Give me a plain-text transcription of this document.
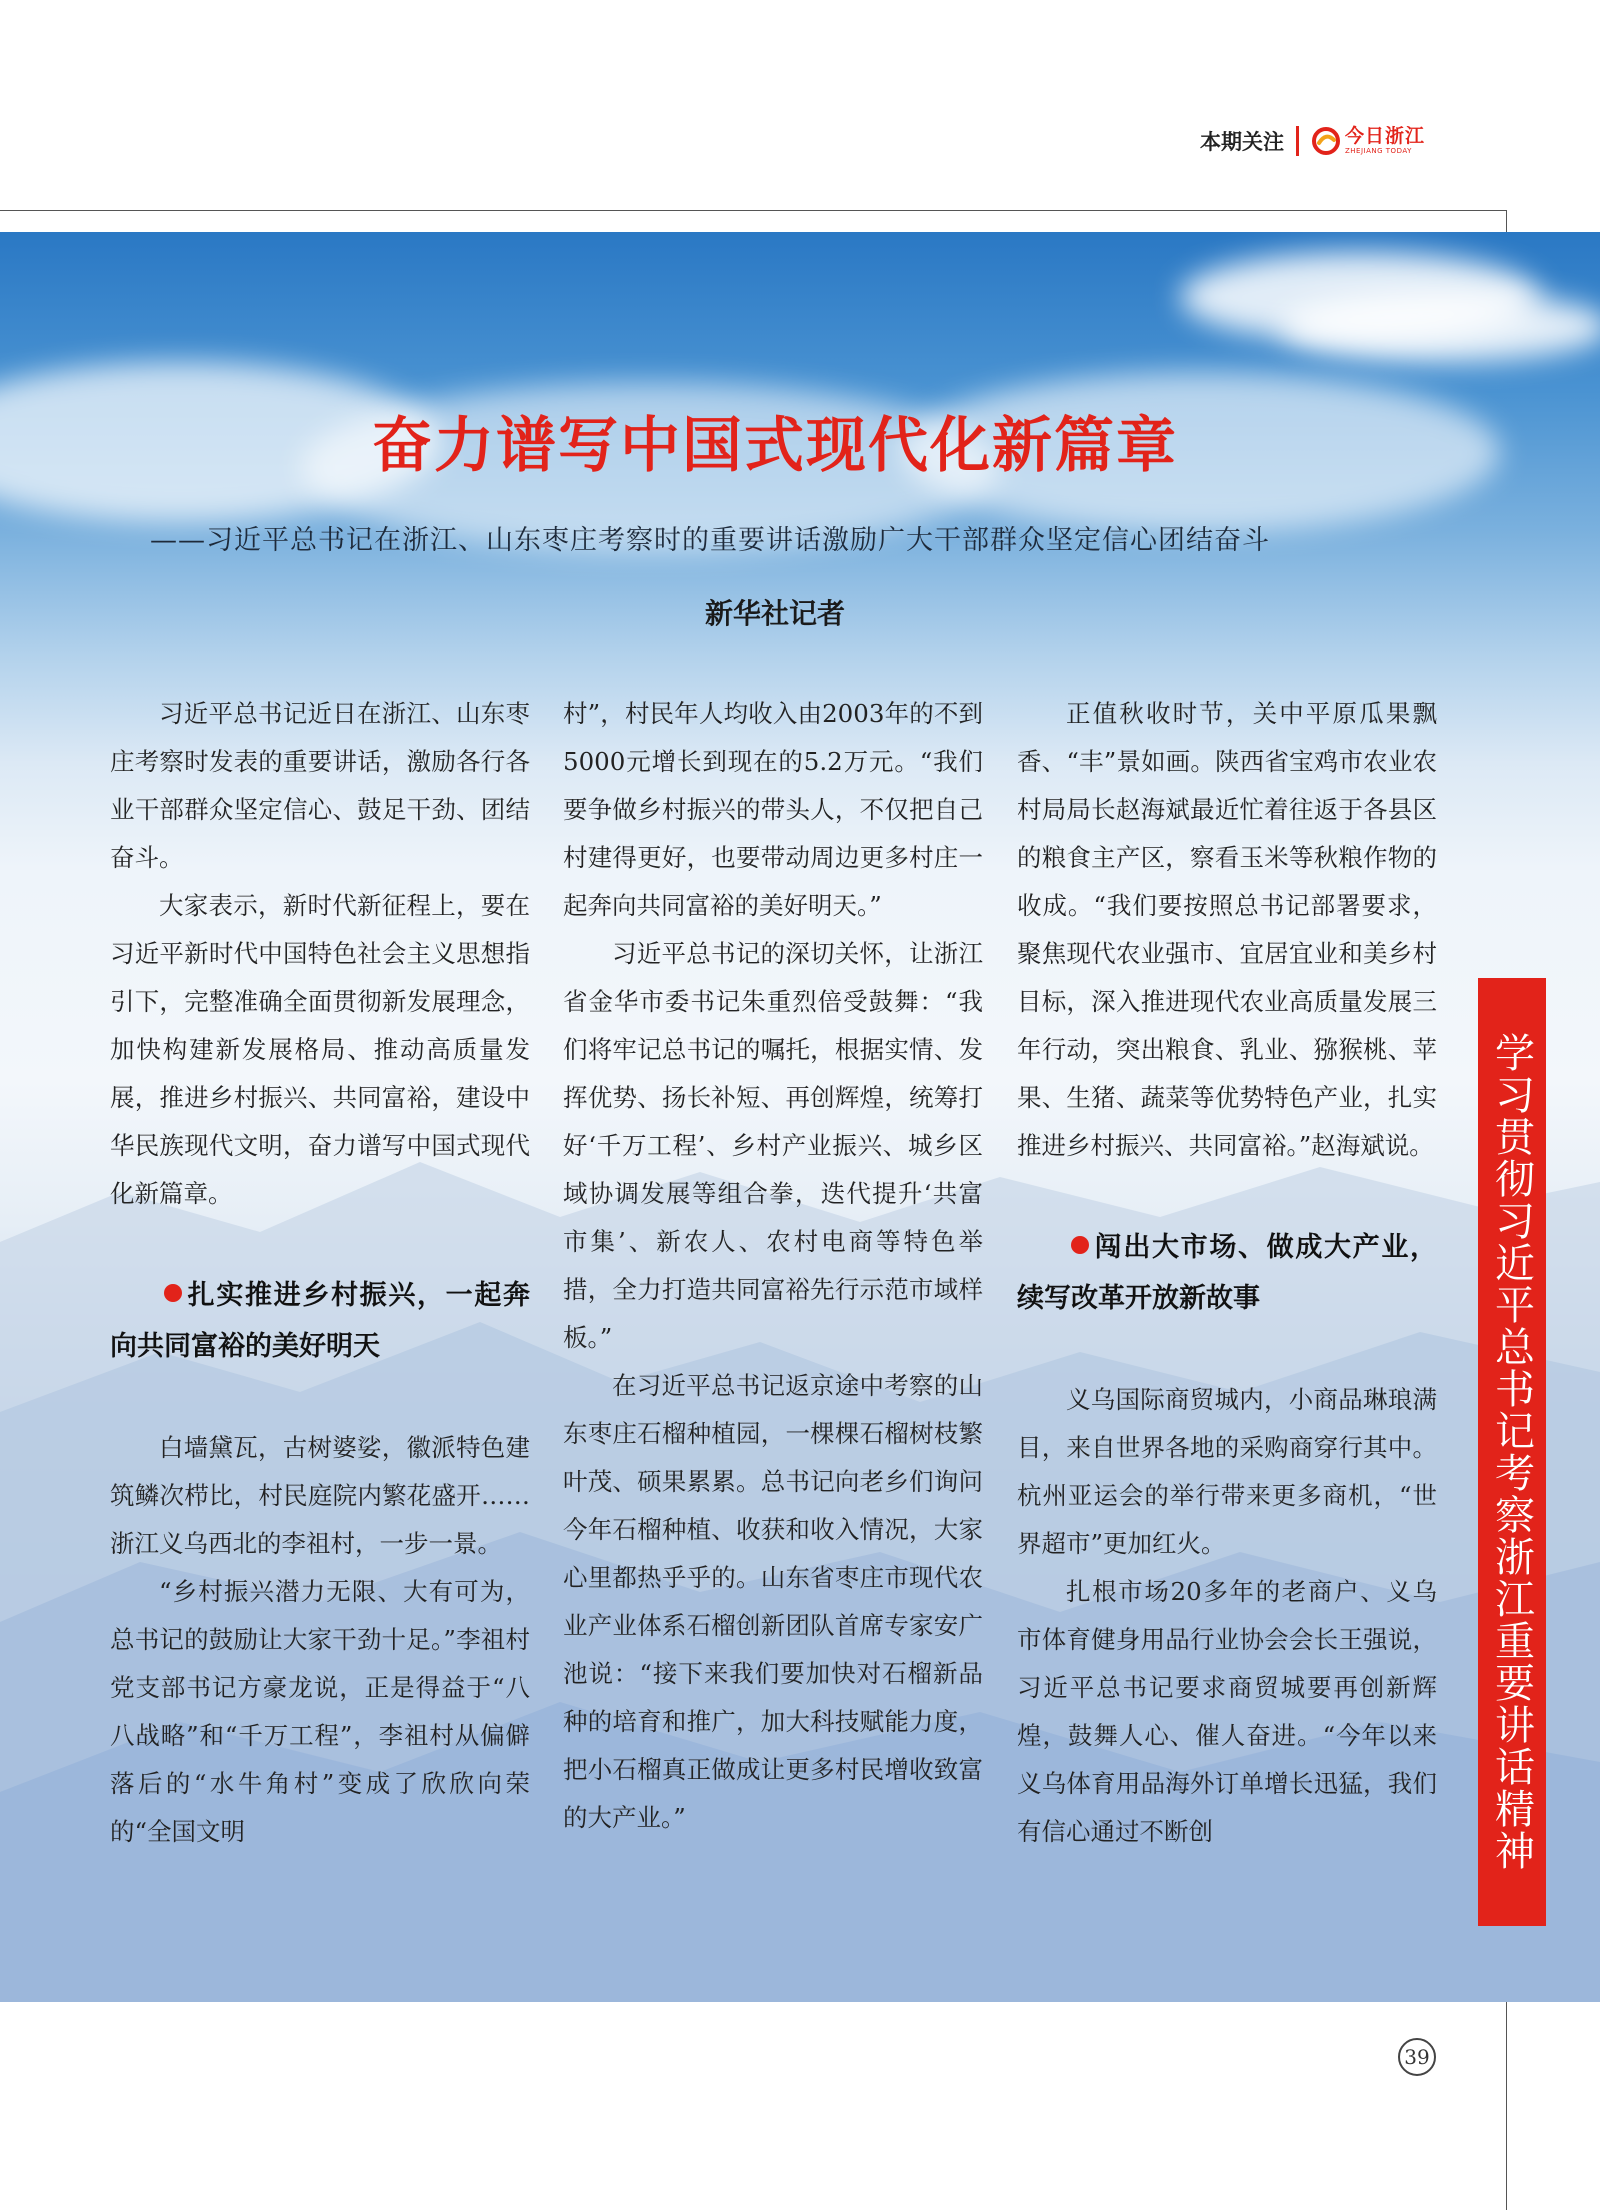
本期关注	今日浙江
ZHEJIANG TODAY
奋力谱写中国式现代化新篇章
——习近平总书记在浙江、山东枣庄考察时的重要讲话激励广大干部群众坚定信心团结奋斗
新华社记者

习近平总书记近日在浙江、山东枣庄考察时发表的重要讲话，激励各行各业干部群众坚定信心、鼓足干劲、团结奋斗。

大家表示，新时代新征程上，要在习近平新时代中国特色社会主义思想指引下，完整准确全面贯彻新发展理念，加快构建新发展格局、推动高质量发展，推进乡村振兴、共同富裕，建设中华民族现代文明，奋力谱写中国式现代化新篇章。

扎实推进乡村振兴，一起奔向共同富裕的美好明天

白墙黛瓦，古树婆娑，徽派特色建筑鳞次栉比，村民庭院内繁花盛开……浙江义乌西北的李祖村，一步一景。

“乡村振兴潜力无限、大有可为，总书记的鼓励让大家干劲十足。”李祖村党支部书记方豪龙说，正是得益于“八八战略”和“千万工程”，李祖村从偏僻落后的“水牛角村”变成了欣欣向荣的“全国文明

村”，村民年人均收入由2003年的不到5000元增长到现在的5.2万元。“我们要争做乡村振兴的带头人，不仅把自己村建得更好，也要带动周边更多村庄一起奔向共同富裕的美好明天。”

习近平总书记的深切关怀，让浙江省金华市委书记朱重烈倍受鼓舞：“我们将牢记总书记的嘱托，根据实情、发挥优势、扬长补短、再创辉煌，统筹打好‘千万工程’、乡村产业振兴、城乡区域协调发展等组合拳，迭代提升‘共富市集’、新农人、农村电商等特色举措，全力打造共同富裕先行示范市域样板。”

在习近平总书记返京途中考察的山东枣庄石榴种植园，一棵棵石榴树枝繁叶茂、硕果累累。总书记向老乡们询问今年石榴种植、收获和收入情况，大家心里都热乎乎的。山东省枣庄市现代农业产业体系石榴创新团队首席专家安广池说：“接下来我们要加快对石榴新品种的培育和推广，加大科技赋能力度，把小石榴真正做成让更多村民增收致富的大产业。”

正值秋收时节，关中平原瓜果飘香、“丰”景如画。陕西省宝鸡市农业农村局局长赵海斌最近忙着往返于各县区的粮食主产区，察看玉米等秋粮作物的收成。“我们要按照总书记部署要求，聚焦现代农业强市、宜居宜业和美乡村目标，深入推进现代农业高质量发展三年行动，突出粮食、乳业、猕猴桃、苹果、生猪、蔬菜等优势特色产业，扎实推进乡村振兴、共同富裕。”赵海斌说。

闯出大市场、做成大产业，续写改革开放新故事

义乌国际商贸城内，小商品琳琅满目，来自世界各地的采购商穿行其中。杭州亚运会的举行带来更多商机，“世界超市”更加红火。

扎根市场20多年的老商户、义乌市体育健身用品行业协会会长王强说，习近平总书记要求商贸城要再创新辉煌，鼓舞人心、催人奋进。“今年以来义乌体育用品海外订单增长迅猛，我们有信心通过不断创	学习贯彻习近平总书记考察浙江重要讲话精神
39
